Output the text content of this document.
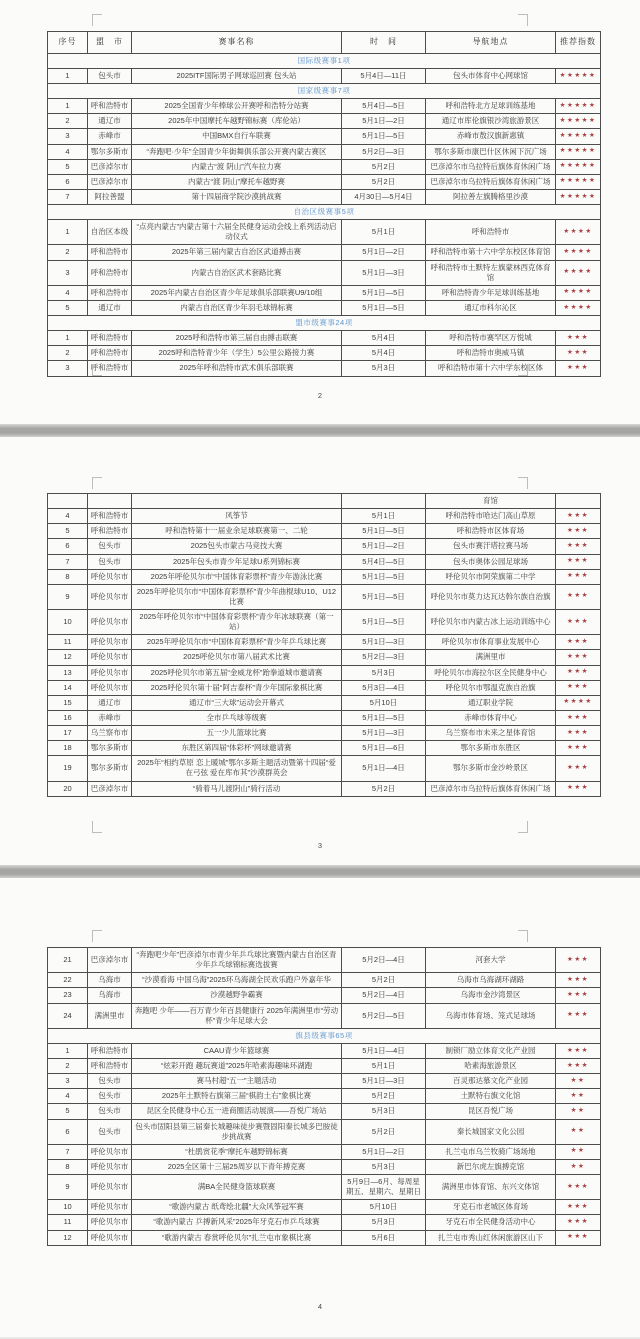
序号	盟　市	赛事名称	时　间	导航地点	推荐指数
国际级赛事1项					
1	包头市	2025ITF国际男子网球巡回赛 包头站	5月4日—11日	包头市体育中心网球馆	★★★★★
国家级赛事7项					
1	呼和浩特市	2025全国青少年棒球公开赛呼和浩特分站赛	5月4日—5日	呼和浩特北方足球训练基地	★★★★★
2	通辽市	2025年中国摩托车越野锦标赛（库伦站）	5月1日—2日	通辽市库伦旗银沙湾旅游景区	★★★★★
3	赤峰市	中国BMX自行车联赛	5月1日—5日	赤峰市敖汉旗新惠镇	★★★★★
4	鄂尔多斯市	“奔跑吧·少年”全国青少年街舞俱乐部公开赛内蒙古赛区	5月2日—3日	鄂尔多斯市康巴什区休闲下沉广场	★★★★★
5	巴彦淖尔市	内蒙古“渡 阴山”汽车拉力赛	5月2日	巴彦淖尔市乌拉特后旗体育休闲广场	★★★★★
6	巴彦淖尔市	内蒙古“渡 阴山”摩托车越野赛	5月2日	巴彦淖尔市乌拉特后旗体育休闲广场	★★★★★
7	阿拉善盟	第十四届商学院沙漠挑战赛	4月30日—5月4日	阿拉善左旗腾格里沙漠	★★★★★
自治区级赛事5项					
1	自治区本级	“点亮内蒙古”内蒙古第十六届全民健身运动会线上系列活动启动仪式	5月1日	呼和浩特市	★★★★
2	呼和浩特市	2025年第三届内蒙古自治区武道搏击赛	5月1日—2日	呼和浩特市第十六中学东校区体育馆	★★★★
3	呼和浩特市	内蒙古自治区武术套路比赛	5月1日—3日	呼和浩特市土默特左旗蒙林西克体育馆	★★★★
4	呼和浩特市	2025年内蒙古自治区青少年足球俱乐部联赛U9/10组	5月1日—5日	呼和浩特青少年足球训练基地	★★★★
5	通辽市	内蒙古自治区青少年羽毛球锦标赛	5月1日—5日	通辽市科尔沁区	★★★★
盟市级赛事24项					
1	呼和浩特市	2025呼和浩特市第三届自由搏击联赛	5月4日	呼和浩特市赛罕区万悦城	★★★
2	呼和浩特市	2025呼和浩特青少年（学生）5公里公路接力赛	5月4日	呼和浩特市奥威马镇	★★★
3	呼和浩特市	2025年呼和浩特市武术俱乐部联赛	5月3日	呼和浩特市第十六中学东校区体	★★★
2
				育馆	
4	呼和浩特市	风筝节	5月1日	呼和浩特市哈达门高山草原	★★★
5	呼和浩特市	呼和浩特第十一届业余足球联赛第一、二轮	5月1日—5日	呼和浩特市区体育场	★★★
6	包头市	2025包头市蒙古马竞技大赛	5月1日—2日	包头市赛汗塔拉赛马场	★★★
7	包头市	2025年包头市青少年足球U系列锦标赛	5月4日—5日	包头市奥体公园足球场	★★★
8	呼伦贝尔市	2025年呼伦贝尔市“中国体育彩票杯”青少年游泳比赛	5月1日—5日	呼伦贝尔市阿荣旗第二中学	★★★
9	呼伦贝尔市	2025年呼伦贝尔市“中国体育彩票杯”青少年曲棍球U10、U12比赛	5月1日—5日	呼伦贝尔市莫力达瓦达斡尔族自治旗	★★★
10	呼伦贝尔市	2025年呼伦贝尔市“中国体育彩票杯”青少年冰球联赛（第一站）	5月1日—5日	呼伦贝尔市内蒙古冰上运动训练中心	★★★
11	呼伦贝尔市	2025年呼伦贝尔市“中国体育彩票杯”青少年乒乓球比赛	5月1日—3日	呼伦贝尔市体育事业发展中心	★★★
12	呼伦贝尔市	2025呼伦贝尔市第八届武术比赛	5月2日—3日	满洲里市	★★★
13	呼伦贝尔市	2025呼伦贝尔市第五届“金威龙杯”跆拳道城市邀请赛	5月3日	呼伦贝尔市海拉尔区全民健身中心	★★★
14	呼伦贝尔市	2025呼伦贝尔第十届“阿吉泰杯”青少年国际象棋比赛	5月3日—4日	呼伦贝尔市鄂温克族自治旗	★★★
15	通辽市	通辽市“三大球”运动会开幕式	5月10日	通辽职业学院	★★★★
16	赤峰市	全市乒乓球等级赛	5月1日—5日	赤峰市体育中心	★★★
17	乌兰察布市	五一少儿篮球比赛	5月1日—3日	乌兰察布市未来之星体育馆	★★★
18	鄂尔多斯市	东胜区第四届“体彩杯”网球邀请赛	5月1日—6日	鄂尔多斯市东胜区	★★★
19	鄂尔多斯市	2025年“相约草原 恋上暖城”鄂尔多斯主题活动暨第十四届“爱在弓弦 爱在库布其”沙漠群英会	5月1日—4日	鄂尔多斯市金沙岭景区	★★★
20	巴彦淖尔市	“骑着马儿渡阴山”骑行活动	5月2日	巴彦淖尔市乌拉特后旗体育休闲广场	★★★
3
21	巴彦淖尔市	“奔跑吧少年”巴彦淖尔市青少年乒乓球比赛暨内蒙古自治区青少年乒乓球锦标赛选拔赛	5月2日—4日	河套大学	★★★
22	乌海市	“沙漠看海 中国乌海”2025环乌海湖全民欢乐跑户外嘉年华	5月2日	乌海市乌海湖环湖路	★★★
23	乌海市	沙漠越野争霸赛	5月2日—4日	乌海市金沙湾景区	★★★
24	满洲里市	奔跑吧 少年——百万青少年百县健康行 2025年满洲里市“劳动杯”青少年足球大会	5月2日—5日	乌海市体育场、笼式足球场	★★★
旗县级赛事65项					
1	呼和浩特市	CAAU青少年篮球赛	5月1日—4日	制锁厂励立体育文化产业园	★★★
2	呼和浩特市	“炫彩开跑 趣玩赛道”2025年哈素海趣味环湖跑	5月1日	哈素海旅游景区	★★★
3	包头市	赛马村超“五一”主题活动	5月1日—3日	百灵那达慕文化产业园	★★
4	包头市	2025年土默特右旗第三届“棋韵土右”象棋比赛	5月2日	土默特右旗文化馆	★★
5	包头市	昆区全民健身中心五一进商圈活动展演——吾悦广场站	5月3日	昆区吾悦广场	★★
6	包头市	包头市固阳县第三届秦长城趣味徒步赛暨固阳秦长城多巴胺徒步挑战赛	5月2日	秦长城国家文化公园	★★
7	呼伦贝尔市	“杜鹃赏花季”摩托车越野锦标赛	5月1日—2日	扎兰屯市乌兰牧骑广场场地	★★
8	呼伦贝尔市	2025全区第十三届25周岁以下青年搏克赛	5月3日	新巴尔虎左旗搏克馆	★★
9	呼伦贝尔市	满BA全民健身篮球联赛	5月9日—6月、每周星期五、星期六、星期日	满洲里市体育馆、东兴文体馆	★★★
10	呼伦贝尔市	“歌游内蒙古 纸鸢绘北疆”大众风筝冠军赛	5月10日	牙克石市老城区体育场	★★★
11	呼伦贝尔市	“歌游内蒙古 乒搏新风采”2025年牙克石市乒乓球赛	5月3日	牙克石市全民健身活动中心	★★★
12	呼伦贝尔市	“歌游内蒙古 春赏呼伦贝尔”扎兰屯市象棋比赛	5月6日	扎兰屯市秀山红休闲旅游区山下	★★★
4
